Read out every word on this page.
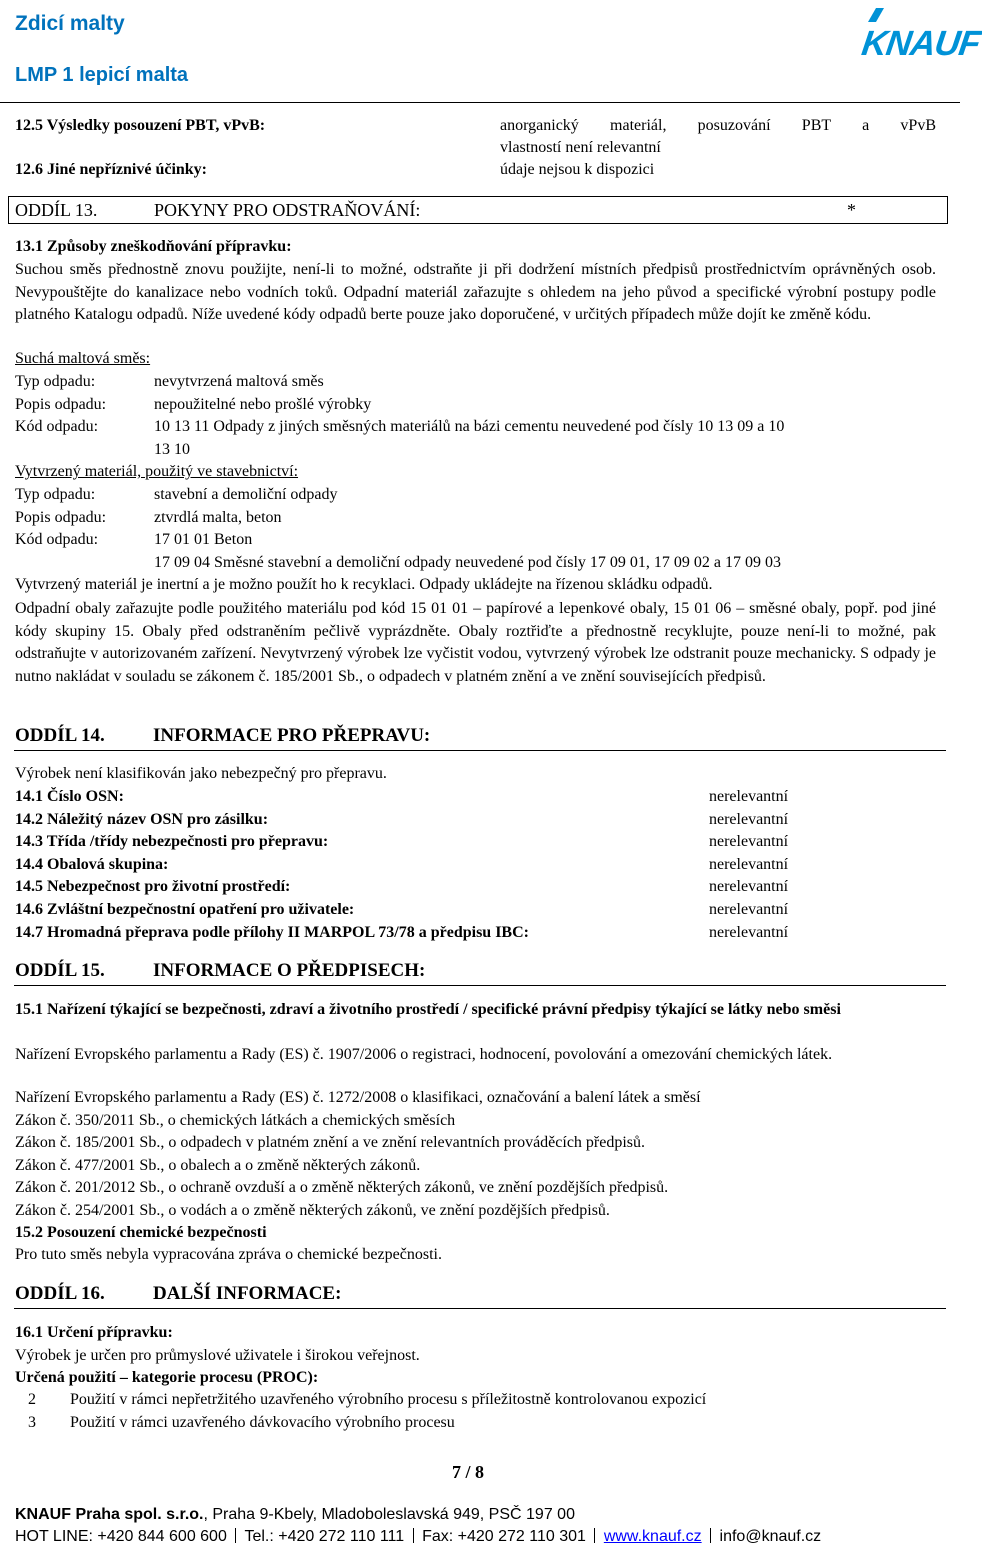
Zdicí malty
LMP 1 lepicí malta
KNAUF
12.5 Výsledky posouzení PBT, vPvB:	anorganický materiál, posuzování PBT a vPvB
vlastností není relevantní
12.6 Jiné nepříznivé účinky:	údaje nejsou k dispozici
ODDÍL 13.	POKYNY PRO ODSTRAŇOVÁNÍ:	*
13.1 Způsoby zneškodňování přípravku:
Suchou směs přednostně znovu použijte, není-li to možné, odstraňte ji při dodržení místních předpisů prostřednictvím oprávněných osob. Nevypouštějte do kanalizace nebo vodních toků. Odpadní materiál zařazujte s ohledem na jeho původ a specifické výrobní postupy podle platného Katalogu odpadů. Níže uvedené kódy odpadů berte pouze jako doporučené, v určitých případech může dojít ke změně kódu.
Suchá maltová směs:
Typ odpadu:	nevytvrzená maltová směs
Popis odpadu:	nepoužitelné nebo prošlé výrobky
Kód odpadu:	10 13 11 Odpady z jiných směsných materiálů na bázi cementu neuvedené pod čísly 10 13 09 a 10
13 10
Vytvrzený materiál, použitý ve stavebnictví:
Typ odpadu:	stavební a demoliční odpady
Popis odpadu:	ztvrdlá malta, beton
Kód odpadu:	17 01 01 Beton
17 09 04 Směsné stavební a demoliční odpady neuvedené pod čísly 17 09 01, 17 09 02 a 17 09 03
Vytvrzený materiál je inertní a je možno použít ho k recyklaci. Odpady ukládejte na řízenou skládku odpadů.
Odpadní obaly zařazujte podle použitého materiálu pod kód 15 01 01 – papírové a lepenkové obaly, 15 01 06 – směsné obaly, popř. pod jiné kódy skupiny 15. Obaly před odstraněním pečlivě vyprázdněte. Obaly roztřiďte a přednostně recyklujte, pouze není-li to možné, pak odstraňujte v autorizovaném zařízení. Nevytvrzený výrobek lze vyčistit vodou, vytvrzený výrobek lze odstranit pouze mechanicky. S odpady je nutno nakládat v souladu se zákonem č. 185/2001 Sb., o odpadech v platném znění a ve znění souvisejících předpisů.
ODDÍL 14.	INFORMACE PRO PŘEPRAVU:
Výrobek není klasifikován jako nebezpečný pro přepravu.
14.1 Číslo OSN:	nerelevantní
14.2 Náležitý název OSN pro zásilku:	nerelevantní
14.3 Třída /třídy nebezpečnosti pro přepravu:	nerelevantní
14.4 Obalová skupina:	nerelevantní
14.5 Nebezpečnost pro životní prostředí:	nerelevantní
14.6 Zvláštní bezpečnostní opatření pro uživatele:	nerelevantní
14.7 Hromadná přeprava podle přílohy II MARPOL 73/78 a předpisu IBC:	nerelevantní
ODDÍL 15.	INFORMACE O PŘEDPISECH:
15.1 Nařízení týkající se bezpečnosti, zdraví a životního prostředí / specifické právní předpisy týkající se látky nebo směsi
Nařízení Evropského parlamentu a Rady (ES) č. 1907/2006 o registraci, hodnocení, povolování a omezování chemických látek.
Nařízení Evropského parlamentu a Rady (ES) č. 1272/2008 o klasifikaci, označování a balení látek a směsí
Zákon č. 350/2011 Sb., o chemických látkách a chemických směsích
Zákon č. 185/2001 Sb., o odpadech v platném znění a ve znění relevantních prováděcích předpisů.
Zákon č. 477/2001 Sb., o obalech a o změně některých zákonů.
Zákon č. 201/2012 Sb., o ochraně ovzduší a o změně některých zákonů, ve znění pozdějších předpisů.
Zákon č. 254/2001 Sb., o vodách a o změně některých zákonů, ve znění pozdějších předpisů.
15.2 Posouzení chemické bezpečnosti
Pro tuto směs nebyla vypracována zpráva o chemické bezpečnosti.
ODDÍL 16.	DALŠÍ INFORMACE:
16.1 Určení přípravku:
Výrobek je určen pro průmyslové uživatele i širokou veřejnost.
Určená použití – kategorie procesu (PROC):
2 Použití v rámci nepřetržitého uzavřeného výrobního procesu s příležitostně kontrolovanou expozicí
3 Použití v rámci uzavřeného dávkovacího výrobního procesu
7 / 8
KNAUF Praha spol. s.r.o., Praha 9-Kbely, Mladoboleslavská 949, PSČ 197 00
HOT LINE: +420 844 600 600 Tel.: +420 272 110 111 Fax: +420 272 110 301 www.knauf.cz info@knauf.cz
